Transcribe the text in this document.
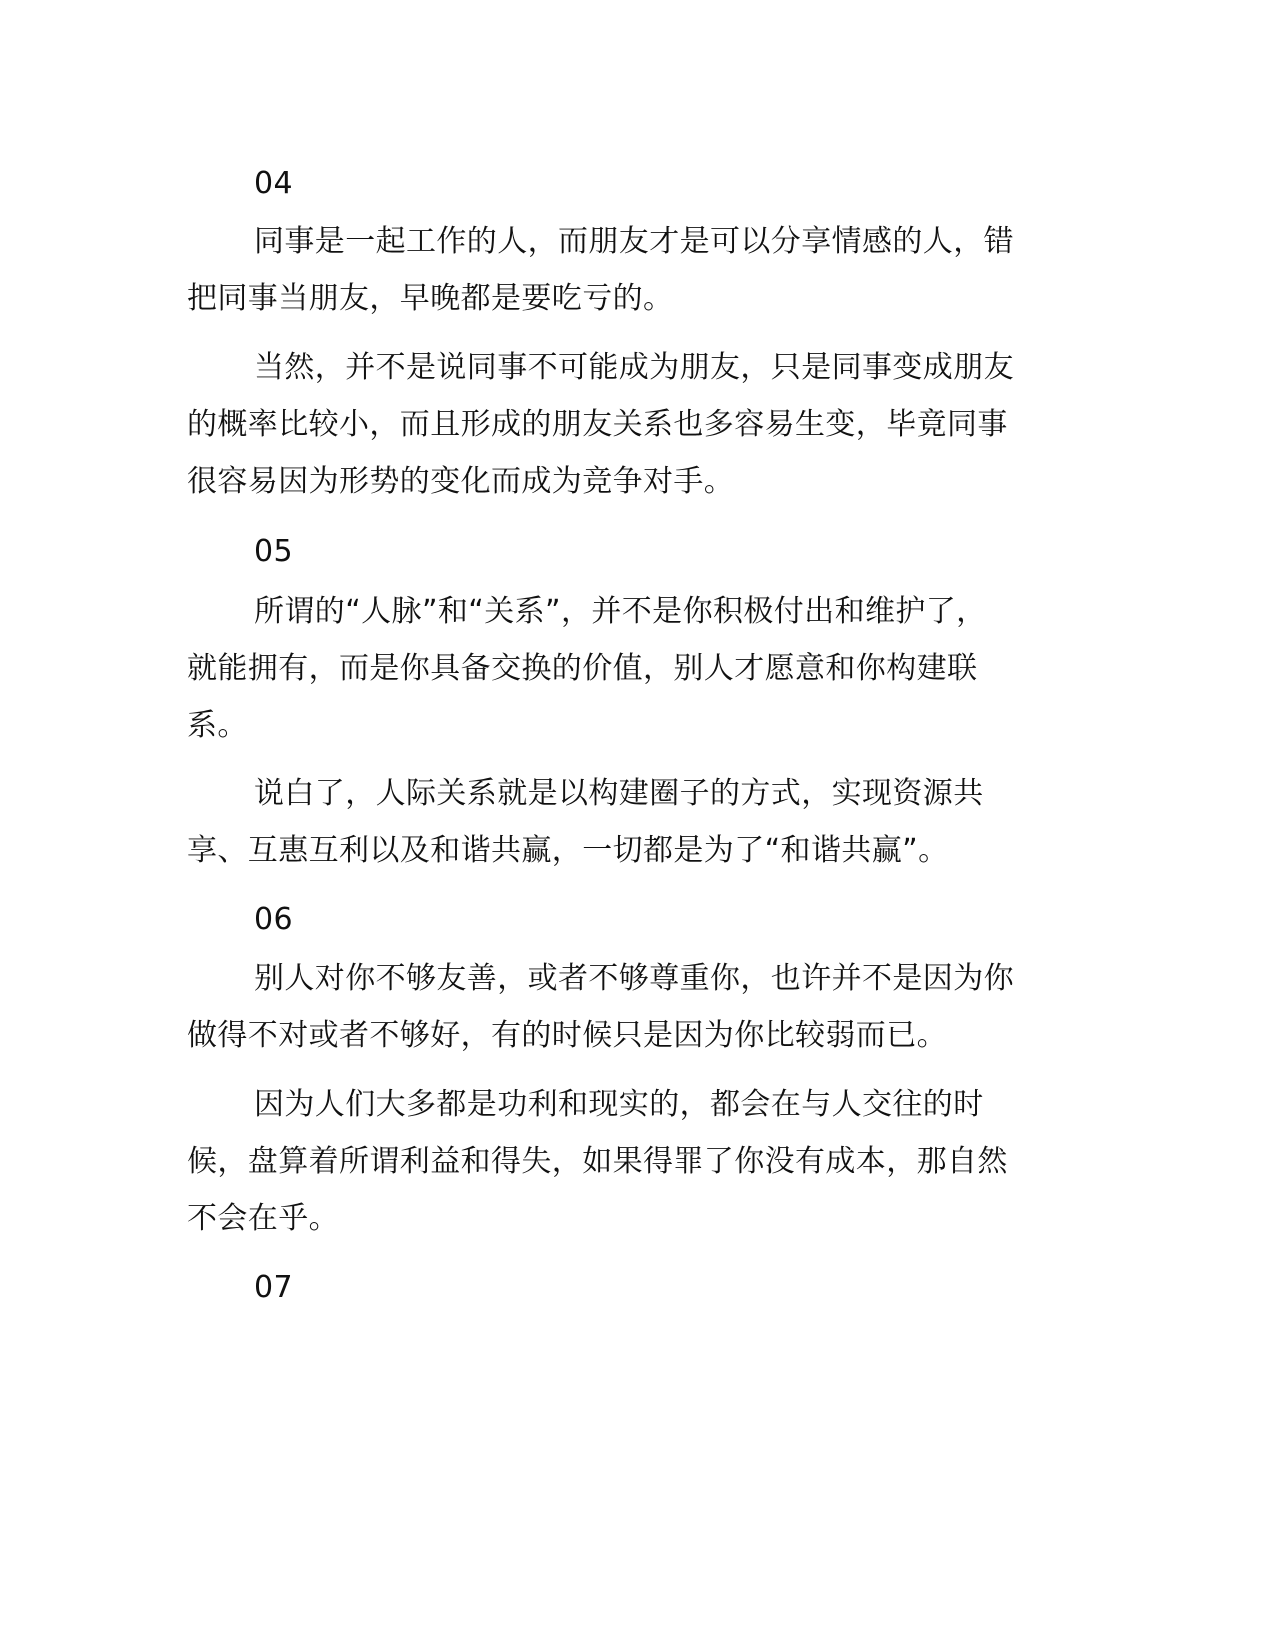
04
同事是一起工作的人，而朋友才是可以分享情感的人，错
把同事当朋友，早晚都是要吃亏的。
当然，并不是说同事不可能成为朋友，只是同事变成朋友
的概率比较小，而且形成的朋友关系也多容易生变，毕竟同事
很容易因为形势的变化而成为竞争对手。
05
所谓的“人脉”和“关系”，并不是你积极付出和维护了，
就能拥有，而是你具备交换的价值，别人才愿意和你构建联
系。
说白了，人际关系就是以构建圈子的方式，实现资源共
享、互惠互利以及和谐共赢，一切都是为了“和谐共赢”。
06
别人对你不够友善，或者不够尊重你，也许并不是因为你
做得不对或者不够好，有的时候只是因为你比较弱而已。
因为人们大多都是功利和现实的，都会在与人交往的时
候，盘算着所谓利益和得失，如果得罪了你没有成本，那自然
不会在乎。
07
